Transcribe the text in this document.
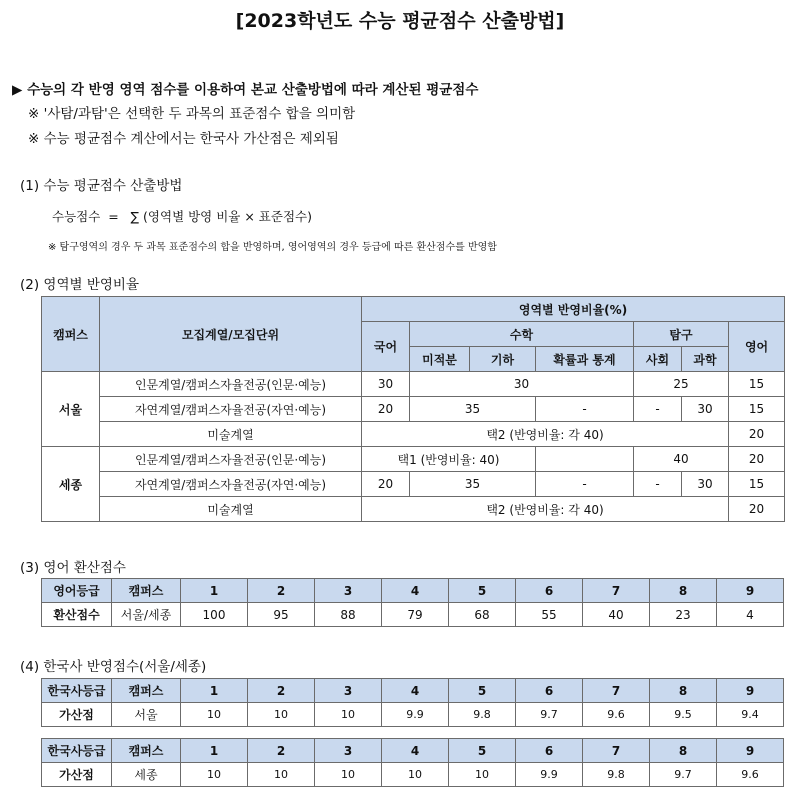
[2023학년도 수능 평균점수 산출방법]
▶ 수능의 각 반영 영역 점수를 이용하여 본교 산출방법에 따라 계산된 평균점수
※ '사탐/과탐'은 선택한 두 과목의 표준점수 합을 의미함
※ 수능 평균점수 계산에서는 한국사 가산점은 제외됨
(1) 수능 평균점수 산출방법
수능점수  =   ∑ (영역별 방영 비율 × 표준점수)
※ 탐구영역의 경우 두 과목 표준점수의 합을 반영하며, 영어영역의 경우 등급에 따른 환산점수를 반영함
(2) 영역별 반영비율
캠퍼스	모집계열/모집단위	영역별 반영비율(%)						
		국어	수학			탐구		영어
			미적분	기하	확률과 통계	사회	과학	
서울	인문계열/캠퍼스자율전공(인문·예능)	30	30			25		15
	자연계열/캠퍼스자율전공(자연·예능)	20	35		-	-	30	15
	미술계열	택2 (반영비율: 각 40)						20
세종	인문계열/캠퍼스자율전공(인문·예능)	택1 (반영비율: 40)				40		20
	자연계열/캠퍼스자율전공(자연·예능)	20	35		-	-	30	15
	미술계열	택2 (반영비율: 각 40)						20
(3) 영어 환산점수
영어등급	캠퍼스	1	2	3	4	5	6	7	8	9
환산점수	서울/세종	100	95	88	79	68	55	40	23	4
(4) 한국사 반영점수(서울/세종)
한국사등급	캠퍼스	1	2	3	4	5	6	7	8	9
가산점	서울	10	10	10	9.9	9.8	9.7	9.6	9.5	9.4
한국사등급	캠퍼스	1	2	3	4	5	6	7	8	9
가산점	세종	10	10	10	10	10	9.9	9.8	9.7	9.6
